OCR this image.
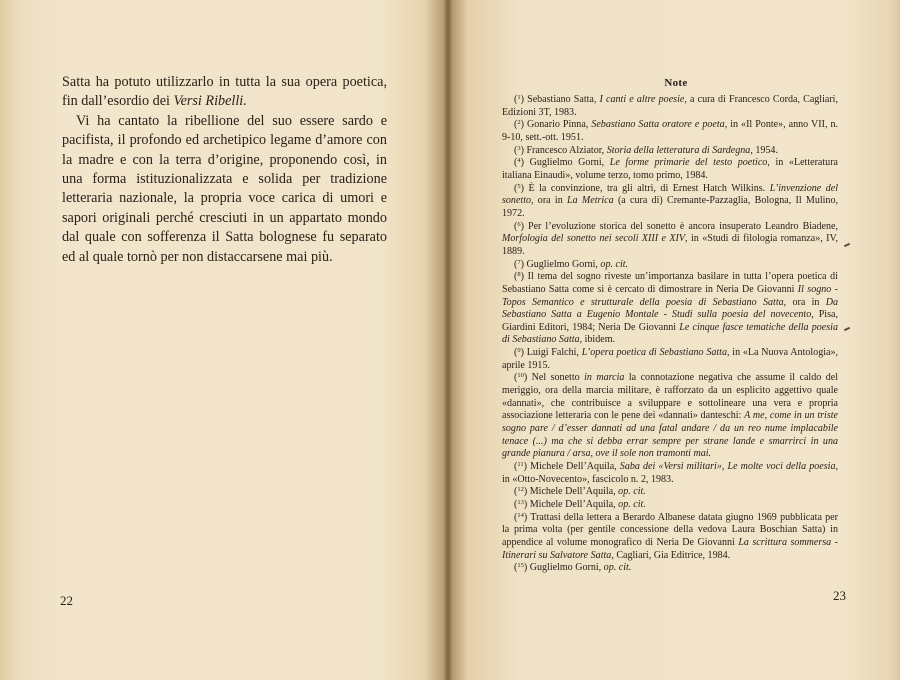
Satta ha potuto utilizzarlo in tutta la sua opera poetica, fin dall’esordio dei Versi Ribelli.

Vi ha cantato la ribellione del suo essere sardo e pacifista, il profondo ed archetipico legame d’amore con la madre e con la terra d’origine, proponendo così, in una forma istituzionalizzata e solida per tradizione letteraria nazionale, la propria voce carica di umori e sapori originali perché cresciuti in un appartato mondo dal quale con sofferenza il Satta bolognese fu separato ed al quale tornò per non distaccarsene mai più.

22
Note

($^1$) Sebastiano Satta, I canti e altre poesie, a cura di Francesco Corda, Cagliari, Edizioni 3T, 1983.

($^2$) Gonario Pinna, Sebastiano Satta oratore e poeta, in «Il Ponte», anno VII, n. 9-10, sett.-ott. 1951.

($^3$) Francesco Alziator, Storia della letteratura di Sardegna, 1954.

($^4$) Guglielmo Gorni, Le forme primarie del testo poetico, in «Letteratura italiana Einaudi», volume terzo, tomo primo, 1984.

($^5$) È la convinzione, tra gli altri, di Ernest Hatch Wilkins. L’invenzione del sonetto, ora in La Metrica (a cura di) Cremante-Pazzaglia, Bologna, Il Mulino, 1972.

($^6$) Per l’evoluzione storica del sonetto è ancora insuperato Leandro Biadene, Morfologia del sonetto nei secoli XIII e XIV, in «Studi di filologia romanza», IV, 1889.

($^7$) Guglielmo Gorni, op. cit.

($^8$) Il tema del sogno riveste un’importanza basilare in tutta l’opera poetica di Sebastiano Satta come si è cercato di dimostrare in Neria De Giovanni Il sogno - Topos Semantico e strutturale della poesia di Sebastiano Satta, ora in Da Sebastiano Satta a Eugenio Montale - Studi sulla poesia del novecento, Pisa, Giardini Editori, 1984; Neria De Giovanni Le cinque fasce tematiche della poesia di Sebastiano Satta, ibidem.

($^9$) Luigi Falchi, L’opera poetica di Sebastiano Satta, in «La Nuova Antologia», aprile 1915.

($^{10}$) Nel sonetto in marcia la connotazione negativa che assume il caldo del meriggio, ora della marcia militare, è rafforzato da un esplicito aggettivo quale «dannati», che contribuisce a sviluppare e sottolineare una vera e propria associazione letteraria con le pene dei «dannati» danteschi: A me, come in un triste sogno pare / d’esser dannati ad una fatal andare / da un reo nume implacabile tenace (...) ma che si debba errar sempre per strane lande e smarrirci in una grande pianura / arsa, ove il sole non tramonti mai.

($^{11}$) Michele Dell’Aquila, Saba dei «Versi militari», Le molte voci della poesia, in «Otto-Novecento», fascicolo n. 2, 1983.

($^{12}$) Michele Dell’Aquila, op. cit.

($^{13}$) Michele Dell’Aquila, op. cit.

($^{14}$) Trattasi della lettera a Berardo Albanese datata giugno 1969 pubblicata per la prima volta (per gentile concessione della vedova Laura Boschian Satta) in appendice al volume monografico di Neria De Giovanni La scrittura sommersa - Itinerari su Salvatore Satta, Cagliari, Gia Editrice, 1984.

($^{15}$) Guglielmo Gorni, op. cit.

23
